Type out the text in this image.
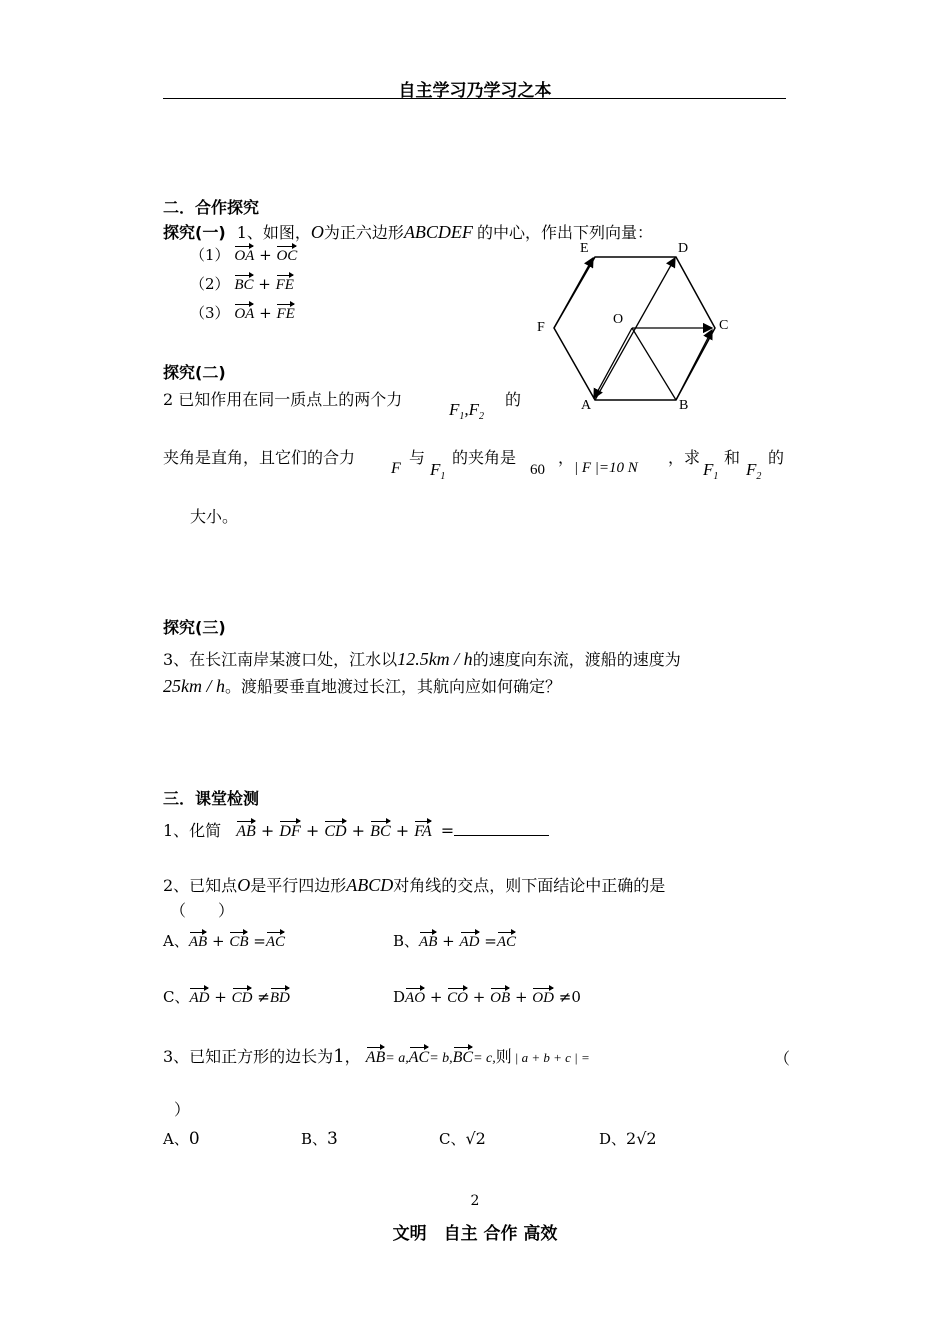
自主学习乃学习之本
二．合作探究
探究(一) 1、如图，O为正六边形ABCDEF 的中心，作出下列向量：
（1） OA + OC
（2） BC + FE
（3） OA + FE
A	B
C
D
E
F
O
探究(二)
2 已知作用在同一质点上的两个力
$F_1,F_2$
的
夹角是直角，且它们的合力
F
与
$F_1$
的夹角是
60
，
| F |=10 N
，求
$F_1$
和
$F_2$
的
大小。
探究(三)
3、在长江南岸某渡口处，江水以12.5km / h的速度向东流，渡船的速度为
25km / h。渡船要垂直地渡过长江，其航向应如何确定？
三．课堂检测
1、化简 AB + DF + CD + BC + FA =
2、已知点O是平行四边形ABCD对角线的交点，则下面结论中正确的是
（　　）
A、AB + CB =AC	B、AB + AD =AC
C、AD + CD ≠BD	DAO + CO + OB + OD ≠0
3、已知正方形的边长为1， AB= a,AC= b,BC= c,则 | a + b + c | =	（
）
A、0	B、3	C、√2	D、2√2
2
文明　自主 合作 高效
